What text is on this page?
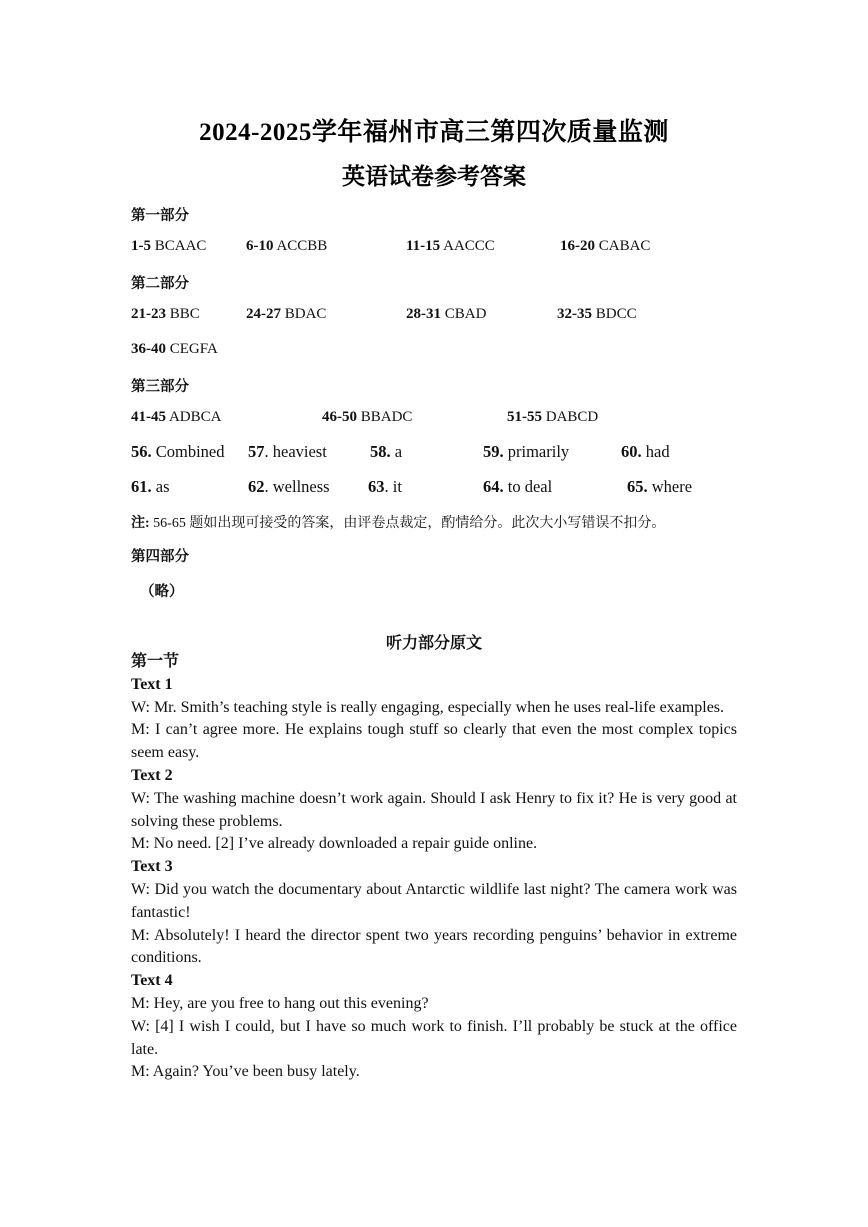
2024-2025学年福州市高三第四次质量监测
英语试卷参考答案
第一部分
1-5 BCAAC	6-10 ACCBB	11-15 AACCC	16-20 CABAC
第二部分
21-23 BBC	24-27 BDAC	28-31 CBAD	32-35 BDCC
36-40 CEGFA
第三部分
41-45 ADBCA	46-50 BBADC	51-55 DABCD
56. Combined 57. heaviest	58. a	59. primarily	60. had
61. as	62. wellness 63. it	64. to deal	65. where
注: 56-65 题如出现可接受的答案，由评卷点裁定，酌情给分。此次大小写错误不扣分。
第四部分
（略）
听力部分原文

第一节

Text 1

W: Mr. Smith’s teaching style is really engaging, especially when he uses real-life examples.

M: I can’t agree more. He explains tough stuff so clearly that even the most complex topics seem easy.

Text 2

W: The washing machine doesn’t work again. Should I ask Henry to fix it? He is very good at solving these problems.

M: No need. [2] I’ve already downloaded a repair guide online.

Text 3

W: Did you watch the documentary about Antarctic wildlife last night? The camera work was fantastic!

M: Absolutely! I heard the director spent two years recording penguins’ behavior in extreme conditions.

Text 4

M: Hey, are you free to hang out this evening?

W: [4] I wish I could, but I have so much work to finish. I’ll probably be stuck at the office late.

M: Again? You’ve been busy lately.
